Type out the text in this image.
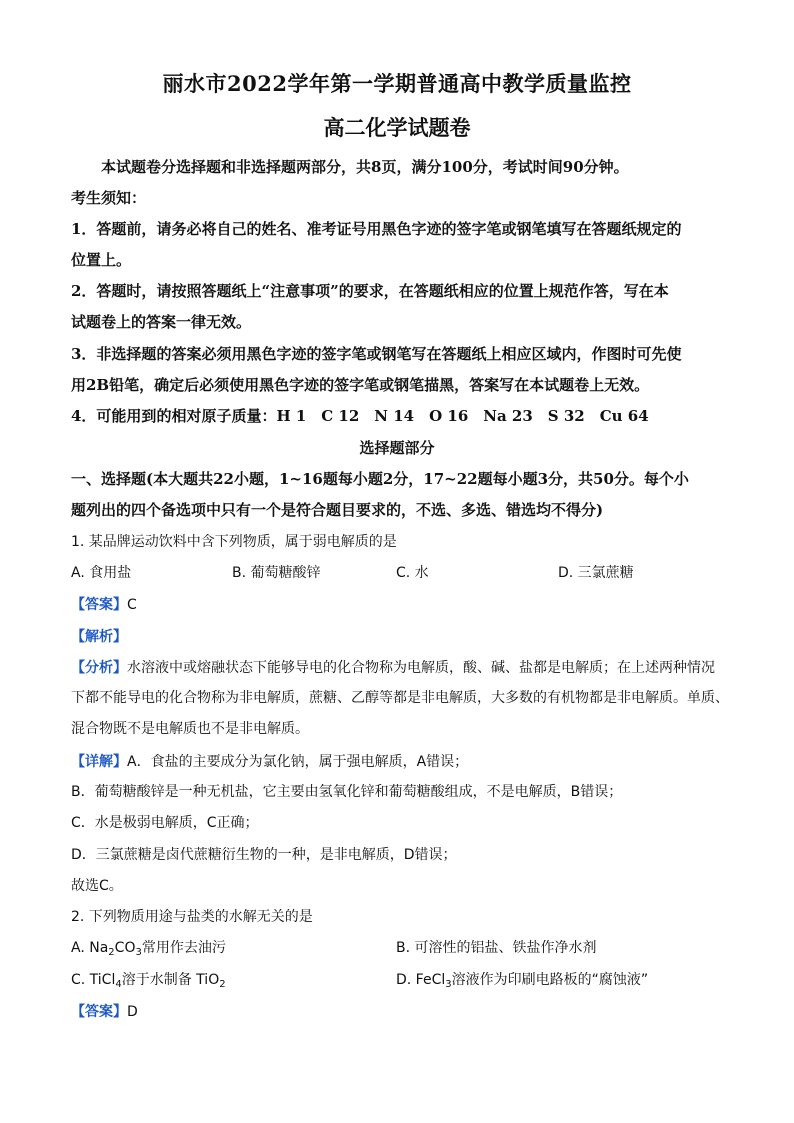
丽水市2022学年第一学期普通高中教学质量监控
高二化学试题卷
本试题卷分选择题和非选择题两部分，共8页，满分100分，考试时间90分钟。
考生须知：
1．答题前，请务必将自己的姓名、准考证号用黑色字迹的签字笔或钢笔填写在答题纸规定的
位置上。
2．答题时，请按照答题纸上“注意事项”的要求，在答题纸相应的位置上规范作答，写在本
试题卷上的答案一律无效。
3．非选择题的答案必须用黑色字迹的签字笔或钢笔写在答题纸上相应区域内，作图时可先使
用2B铅笔，确定后必须使用黑色字迹的签字笔或钢笔描黑，答案写在本试题卷上无效。
4．可能用到的相对原子质量：H 1　C 12　N 14　O 16　Na 23　S 32　Cu 64
选择题部分
一、选择题(本大题共22小题，1~16题每小题2分，17~22题每小题3分，共50分。每个小
题列出的四个备选项中只有一个是符合题目要求的，不选、多选、错选均不得分)
1. 某品牌运动饮料中含下列物质，属于弱电解质的是
A. 食用盐	B. 葡萄糖酸锌	C. 水	D. 三氯蔗糖
【答案】C
【解析】
【分析】水溶液中或熔融状态下能够导电的化合物称为电解质，酸、碱、盐都是电解质；在上述两种情况
下都不能导电的化合物称为非电解质，蔗糖、乙醇等都是非电解质，大多数的有机物都是非电解质。单质、
混合物既不是电解质也不是非电解质。
【详解】A．食盐的主要成分为氯化钠，属于强电解质，A错误；
B．葡萄糖酸锌是一种无机盐，它主要由氢氧化锌和葡萄糖酸组成，不是电解质，B错误；
C．水是极弱电解质，C正确；
D．三氯蔗糖是卤代蔗糖衍生物的一种，是非电解质，D错误；
故选C。
2. 下列物质用途与盐类的水解无关的是
A. $Na_2CO_3$常用作去油污	B. 可溶性的铝盐、铁盐作净水剂
C. TiCl$_4$溶于水制备 TiO$_2$	D. FeCl$_3$溶液作为印刷电路板的“腐蚀液”
【答案】D
